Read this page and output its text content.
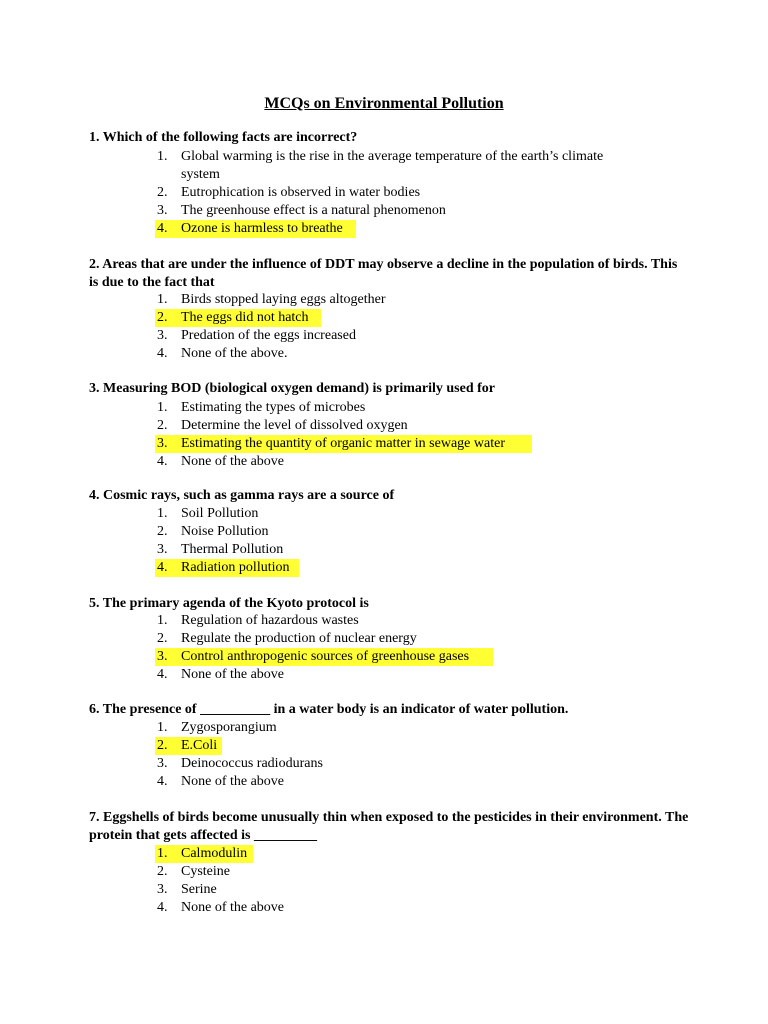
MCQs on Environmental Pollution
1. Which of the following facts are incorrect?
1. Global warming is the rise in the average temperature of the earth’s climate system
2. Eutrophication is observed in water bodies
3. The greenhouse effect is a natural phenomenon
4. Ozone is harmless to breathe
2. Areas that are under the influence of DDT may observe a decline in the population of birds. This is due to the fact that
1. Birds stopped laying eggs altogether
2. The eggs did not hatch
3. Predation of the eggs increased
4. None of the above.
3. Measuring BOD (biological oxygen demand) is primarily used for
1. Estimating the types of microbes
2. Determine the level of dissolved oxygen
3. Estimating the quantity of organic matter in sewage water
4. None of the above
4. Cosmic rays, such as gamma rays are a source of
1. Soil Pollution
2. Noise Pollution
3. Thermal Pollution
4. Radiation pollution
5. The primary agenda of the Kyoto protocol is
1. Regulation of hazardous wastes
2. Regulate the production of nuclear energy
3. Control anthropogenic sources of greenhouse gases
4. None of the above
6. The presence of __________ in a water body is an indicator of water pollution.
1. Zygosporangium
2. E.Coli
3. Deinococcus radiodurans
4. None of the above
7. Eggshells of birds become unusually thin when exposed to the pesticides in their environment. The protein that gets affected is _________
1. Calmodulin
2. Cysteine
3. Serine
4. None of the above
